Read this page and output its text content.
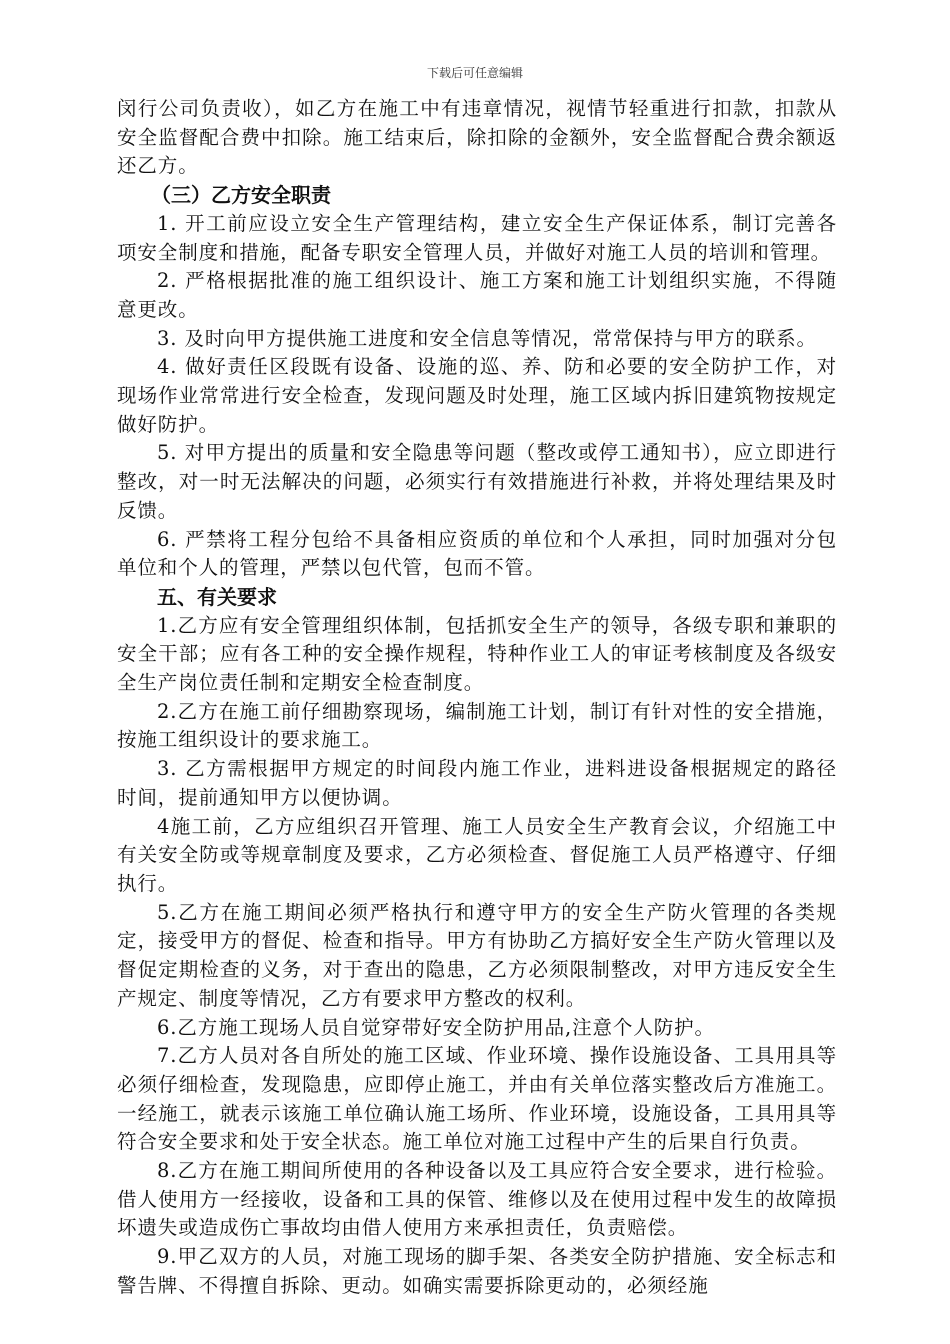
下载后可任意编辑

闵行公司负责收），如乙方在施工中有违章情况，视情节轻重进行扣款，扣款从安全监督配合费中扣除。施工结束后，除扣除的金额外，安全监督配合费余额返还乙方。

（三）乙方安全职责

1. 开工前应设立安全生产管理结构，建立安全生产保证体系，制订完善各项安全制度和措施，配备专职安全管理人员，并做好对施工人员的培训和管理。

2. 严格根据批准的施工组织设计、施工方案和施工计划组织实施，不得随意更改。

3. 及时向甲方提供施工进度和安全信息等情况，常常保持与甲方的联系。

4. 做好责任区段既有设备、设施的巡、养、防和必要的安全防护工作，对现场作业常常进行安全检查，发现问题及时处理，施工区域内拆旧建筑物按规定做好防护。

5. 对甲方提出的质量和安全隐患等问题（整改或停工通知书），应立即进行整改，对一时无法解决的问题，必须实行有效措施进行补救，并将处理结果及时反馈。

6. 严禁将工程分包给不具备相应资质的单位和个人承担，同时加强对分包单位和个人的管理，严禁以包代管，包而不管。

五、有关要求

1.乙方应有安全管理组织体制，包括抓安全生产的领导，各级专职和兼职的安全干部；应有各工种的安全操作规程，特种作业工人的审证考核制度及各级安全生产岗位责任制和定期安全检查制度。

2.乙方在施工前仔细勘察现场，编制施工计划，制订有针对性的安全措施，按施工组织设计的要求施工。

3. 乙方需根据甲方规定的时间段内施工作业，进料进设备根据规定的路径时间，提前通知甲方以便协调。

4施工前，乙方应组织召开管理、施工人员安全生产教育会议，介绍施工中有关安全防或等规章制度及要求，乙方必须检查、督促施工人员严格遵守、仔细执行。

5.乙方在施工期间必须严格执行和遵守甲方的安全生产防火管理的各类规定，接受甲方的督促、检查和指导。甲方有协助乙方搞好安全生产防火管理以及督促定期检查的义务，对于查出的隐患，乙方必须限制整改，对甲方违反安全生产规定、制度等情况，乙方有要求甲方整改的权利。

6.乙方施工现场人员自觉穿带好安全防护用品,注意个人防护。

7.乙方人员对各自所处的施工区域、作业环境、操作设施设备、工具用具等必须仔细检查，发现隐患，应即停止施工，并由有关单位落实整改后方准施工。一经施工，就表示该施工单位确认施工场所、作业环境，设施设备，工具用具等符合安全要求和处于安全状态。施工单位对施工过程中产生的后果自行负责。

8.乙方在施工期间所使用的各种设备以及工具应符合安全要求，进行检验。借人使用方一经接收，设备和工具的保管、维修以及在使用过程中发生的故障损坏遗失或造成伤亡事故均由借人使用方来承担责任，负责赔偿。

9.甲乙双方的人员，对施工现场的脚手架、各类安全防护措施、安全标志和警告牌、不得擅自拆除、更动。如确实需要拆除更动的，必须经施
